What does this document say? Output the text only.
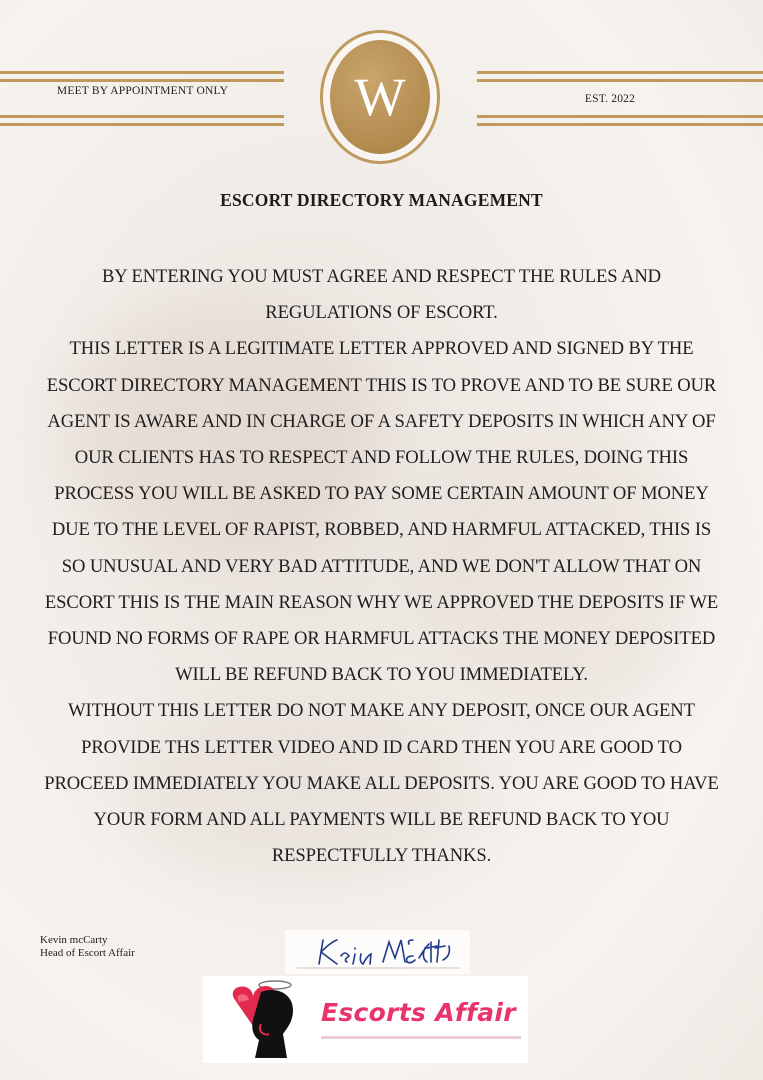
MEET BY APPOINTMENT ONLY
EST. 2022
W
ESCORT DIRECTORY MANAGEMENT

BY ENTERING YOU MUST AGREE AND RESPECT THE RULES AND REGULATIONS OF ESCORT.

THIS LETTER IS A LEGITIMATE LETTER APPROVED AND SIGNED BY THE ESCORT DIRECTORY MANAGEMENT THIS IS TO PROVE AND TO BE SURE OUR AGENT IS AWARE AND IN CHARGE OF A SAFETY DEPOSITS IN WHICH ANY OF OUR CLIENTS HAS TO RESPECT AND FOLLOW THE RULES, DOING THIS PROCESS YOU WILL BE ASKED TO PAY SOME CERTAIN AMOUNT OF MONEY DUE TO THE LEVEL OF RAPIST, ROBBED, AND HARMFUL ATTACKED, THIS IS SO UNUSUAL AND VERY BAD ATTITUDE, AND WE DON'T ALLOW THAT ON ESCORT THIS IS THE MAIN REASON WHY WE APPROVED THE DEPOSITS IF WE FOUND NO FORMS OF RAPE OR HARMFUL ATTACKS THE MONEY DEPOSITED WILL BE REFUND BACK TO YOU IMMEDIATELY.

WITHOUT THIS LETTER DO NOT MAKE ANY DEPOSIT, ONCE OUR AGENT PROVIDE THS LETTER VIDEO AND ID CARD THEN YOU ARE GOOD TO PROCEED IMMEDIATELY YOU MAKE ALL DEPOSITS. YOU ARE GOOD TO HAVE YOUR FORM AND ALL PAYMENTS WILL BE REFUND BACK TO YOU RESPECTFULLY THANKS.

Kevin mcCarty
Head of Escort Affair
Escorts Affair
